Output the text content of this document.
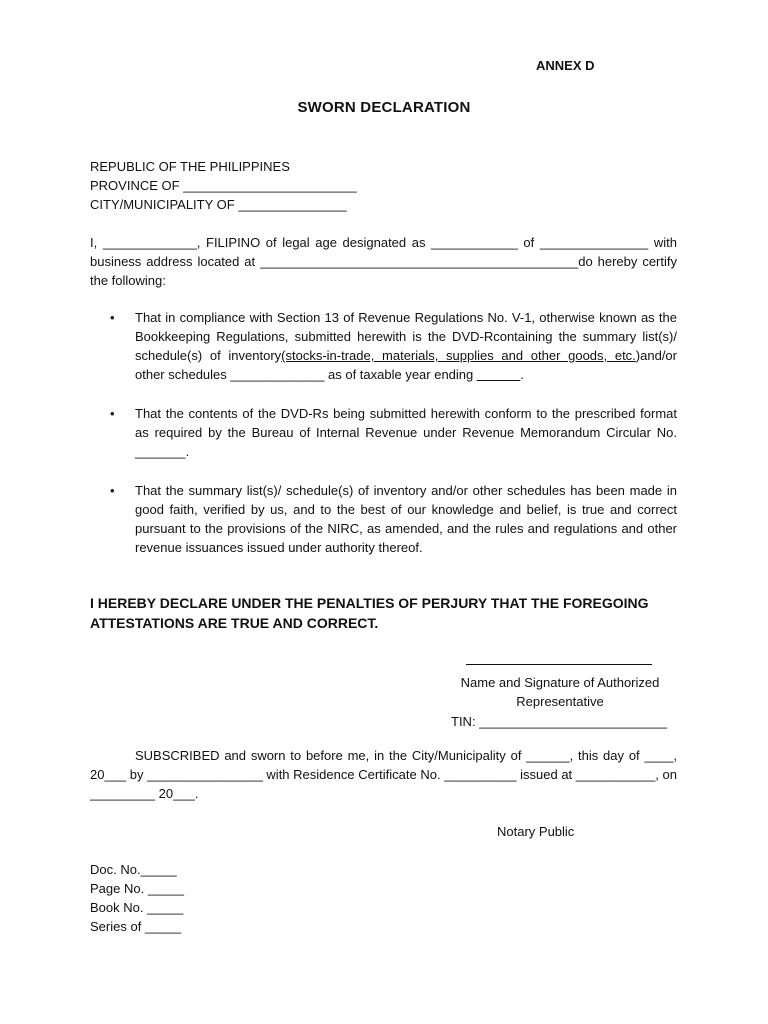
ANNEX D
SWORN DECLARATION
REPUBLIC OF THE PHILIPPINES
PROVINCE OF ________________________
CITY/MUNICIPALITY OF _______________
I, _____________, FILIPINO of legal age designated as ____________ of _______________ with business address located at ____________________________________________do hereby certify the following:
• That in compliance with Section 13 of Revenue Regulations No. V-1, otherwise known as the Bookkeeping Regulations, submitted herewith is the DVD-Rcontaining the summary list(s)/ schedule(s) of inventory(stocks-in-trade, materials, supplies and other goods, etc.)and/or other schedules _____________ as of taxable year ending ______.
• That the contents of the DVD-Rs being submitted herewith conform to the prescribed format as required by the Bureau of Internal Revenue under Revenue Memorandum Circular No. _______.
• That the summary list(s)/ schedule(s) of inventory and/or other schedules has been made in good faith, verified by us, and to the best of our knowledge and belief, is true and correct pursuant to the provisions of the NIRC, as amended, and the rules and regulations and other revenue issuances issued under authority thereof.
I HEREBY DECLARE UNDER THE PENALTIES OF PERJURY THAT THE FOREGOING ATTESTATIONS ARE TRUE AND CORRECT.
Name and Signature of Authorized
Representative
TIN: __________________________
SUBSCRIBED and sworn to before me, in the City/Municipality of ______, this day of ____, 20___ by ________________ with Residence Certificate No. __________ issued at ___________, on _________ 20___.
Notary Public
Doc. No._____
Page No. _____
Book No. _____
Series of _____
